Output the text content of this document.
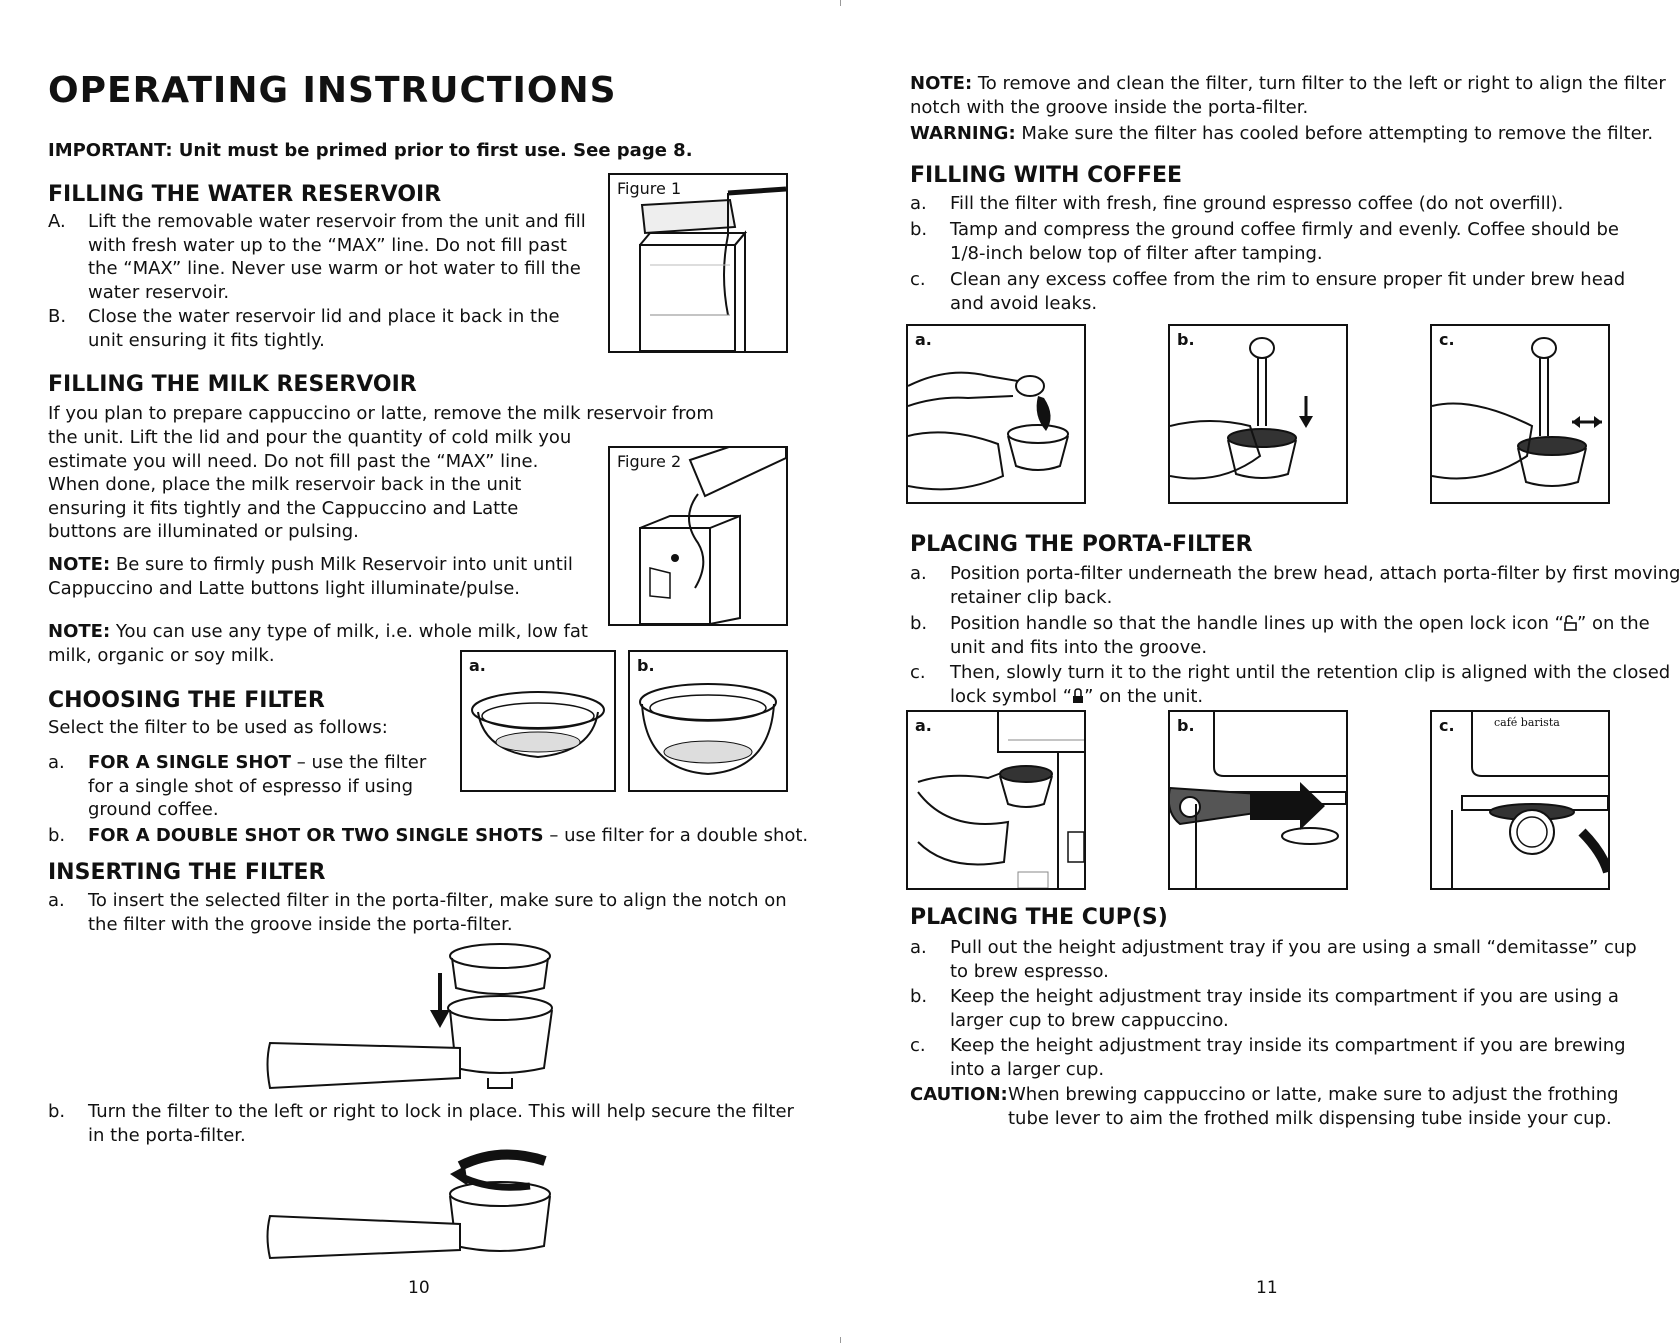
OPERATING INSTRUCTIONS
IMPORTANT: Unit must be primed prior to first use. See page 8.
FILLING THE WATER RESERVOIR
A. Lift the removable water reservoir from the unit and fill with fresh water up to the “MAX” line. Do not fill past the “MAX” line. Never use warm or hot water to fill the water reservoir.
B. Close the water reservoir lid and place it back in the unit ensuring it fits tightly.
Figure 1
FILLING THE MILK RESERVOIR
If you plan to prepare cappuccino or latte, remove the milk reservoir from
the unit. Lift the lid and pour the quantity of cold milk you estimate you will need. Do not fill past the “MAX” line. When done, place the milk reservoir back in the unit ensuring it fits tightly and the Cappuccino and Latte buttons are illuminated or pulsing.
Figure 2
NOTE: Be sure to firmly push Milk Reservoir into unit until Cappuccino and Latte buttons light illuminate/pulse.
NOTE: You can use any type of milk, i.e. whole milk, low fat milk, organic or soy milk.
CHOOSING THE FILTER
Select the filter to be used as follows:
a. FOR A SINGLE SHOT – use the filter for a single shot of espresso if using ground coffee.
b. FOR A DOUBLE SHOT OR TWO SINGLE SHOTS – use filter for a double shot.
a.	b.
INSERTING THE FILTER
a. To insert the selected filter in the porta-filter, make sure to align the notch on the filter with the groove inside the porta-filter.
b. Turn the filter to the left or right to lock in place. This will help secure the filter in the porta-filter.
10
NOTE: To remove and clean the filter, turn filter to the left or right to align the filter notch with the groove inside the porta-filter.
WARNING: Make sure the filter has cooled before attempting to remove the filter.
FILLING WITH COFFEE
a. Fill the filter with fresh, fine ground espresso coffee (do not overfill).
b. Tamp and compress the ground coffee firmly and evenly. Coffee should be 1/8-inch below top of filter after tamping.
c. Clean any excess coffee from the rim to ensure proper fit under brew head and avoid leaks.
a.	b.	c.
PLACING THE PORTA-FILTER
a. Position porta-filter underneath the brew head, attach porta-filter by first moving retainer clip back.
b. Position handle so that the handle lines up with the open lock icon “ ” on the unit and fits into the groove.
c. Then, slowly turn it to the right until the retention clip is aligned with the closed lock symbol “ ” on the unit.
a.	b.	c.	café barista
PLACING THE CUP(S)
a. Pull out the height adjustment tray if you are using a small “demitasse” cup to brew espresso.
b. Keep the height adjustment tray inside its compartment if you are using a larger cup to brew cappuccino.
c. Keep the height adjustment tray inside its compartment if you are brewing into a larger cup.
CAUTION: When brewing cappuccino or latte, make sure to adjust the frothing tube lever to aim the frothed milk dispensing tube inside your cup.
11
